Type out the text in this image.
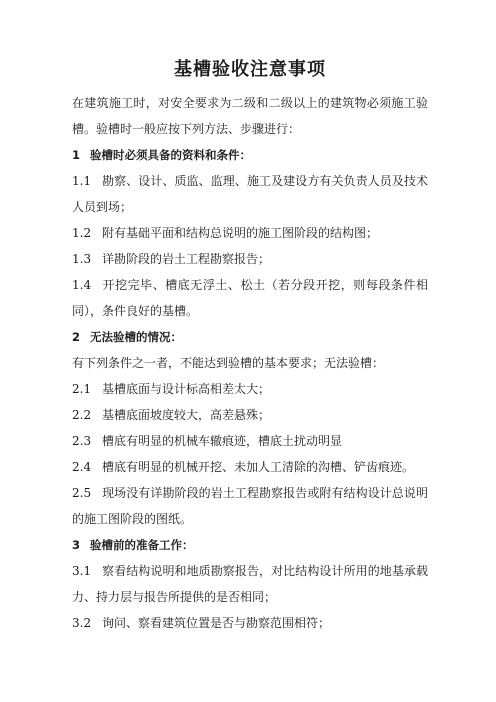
基槽验收注意事项

在建筑施工时，对安全要求为二级和二级以上的建筑物必须施工验槽。验槽时一般应按下列方法、步骤进行：

1 验槽时必须具备的资料和条件：

1.1 勘察、设计、质监、监理、施工及建设方有关负责人员及技术人员到场；

1.2 附有基础平面和结构总说明的施工图阶段的结构图；

1.3 详勘阶段的岩土工程勘察报告；

1.4 开挖完毕、槽底无浮土、松土（若分段开挖，则每段条件相同），条件良好的基槽。

2 无法验槽的情况：

有下列条件之一者，不能达到验槽的基本要求；无法验槽：

2.1 基槽底面与设计标高相差太大；

2.2 基槽底面坡度较大，高差悬殊；

2.3 槽底有明显的机械车辙痕迹，槽底土扰动明显

2.4 槽底有明显的机械开挖、未加人工清除的沟槽、铲齿痕迹。

2.5 现场没有详勘阶段的岩土工程勘察报告或附有结构设计总说明的施工图阶段的图纸。

3 验槽前的准备工作：

3.1 察看结构说明和地质勘察报告，对比结构设计所用的地基承载力、持力层与报告所提供的是否相同；

3.2 询问、察看建筑位置是否与勘察范围相符；
